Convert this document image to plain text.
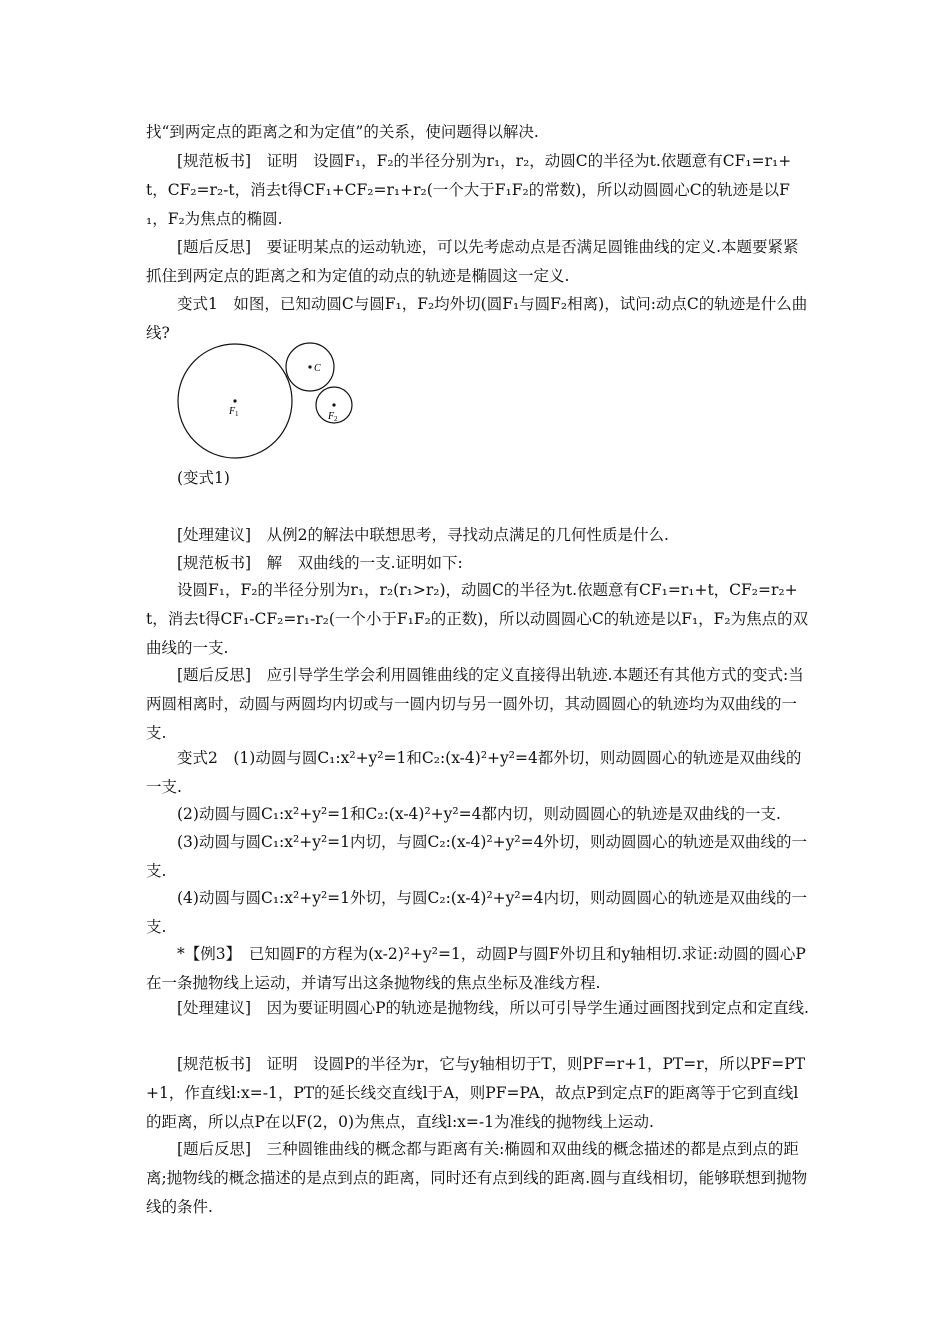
找“到两定点的距离之和为定值”的关系，使问题得以解决.

[规范板书]　证明　设圆F₁，F₂的半径分别为r₁，r₂，动圆C的半径为t.依题意有CF₁=r₁+t，CF₂=r₂-t，消去t得CF₁+CF₂=r₁+r₂(一个大于F₁F₂的常数)，所以动圆圆心C的轨迹是以F₁，F₂为焦点的椭圆.

[题后反思]　要证明某点的运动轨迹，可以先考虑动点是否满足圆锥曲线的定义.本题要紧紧抓住到两定点的距离之和为定值的动点的轨迹是椭圆这一定义.

变式1　如图，已知动圆C与圆F₁，F₂均外切(圆F₁与圆F₂相离)，试问:动点C的轨迹是什么曲线?

C
F 1	F 2
(变式1)

[处理建议]　从例2的解法中联想思考，寻找动点满足的几何性质是什么.

[规范板书]　解　双曲线的一支.证明如下:

设圆F₁，F₂的半径分别为r₁，r₂(r₁>r₂)，动圆C的半径为t.依题意有CF₁=r₁+t，CF₂=r₂+t，消去t得CF₁-CF₂=r₁-r₂(一个小于F₁F₂的正数)，所以动圆圆心C的轨迹是以F₁，F₂为焦点的双曲线的一支.

[题后反思]　应引导学生学会利用圆锥曲线的定义直接得出轨迹.本题还有其他方式的变式:当两圆相离时，动圆与两圆均内切或与一圆内切与另一圆外切，其动圆圆心的轨迹均为双曲线的一支.

变式2　(1)动圆与圆C₁:x²+y²=1和C₂:(x-4)²+y²=4都外切，则动圆圆心的轨迹是双曲线的一支.

(2)动圆与圆C₁:x²+y²=1和C₂:(x-4)²+y²=4都内切，则动圆圆心的轨迹是双曲线的一支.

(3)动圆与圆C₁:x²+y²=1内切，与圆C₂:(x-4)²+y²=4外切，则动圆圆心的轨迹是双曲线的一支.

(4)动圆与圆C₁:x²+y²=1外切，与圆C₂:(x-4)²+y²=4内切，则动圆圆心的轨迹是双曲线的一支.

*【例3】　已知圆F的方程为(x-2)²+y²=1，动圆P与圆F外切且和y轴相切.求证:动圆的圆心P在一条抛物线上运动，并请写出这条抛物线的焦点坐标及准线方程.

[处理建议]　因为要证明圆心P的轨迹是抛物线，所以可引导学生通过画图找到定点和定直线.

[规范板书]　证明　设圆P的半径为r，它与y轴相切于T，则PF=r+1，PT=r，所以PF=PT+1，作直线l:x=-1，PT的延长线交直线l于A，则PF=PA，故点P到定点F的距离等于它到直线l的距离，所以点P在以F(2，0)为焦点，直线l:x=-1为准线的抛物线上运动.

[题后反思]　三种圆锥曲线的概念都与距离有关:椭圆和双曲线的概念描述的都是点到点的距离;抛物线的概念描述的是点到点的距离，同时还有点到线的距离.圆与直线相切，能够联想到抛物线的条件.
